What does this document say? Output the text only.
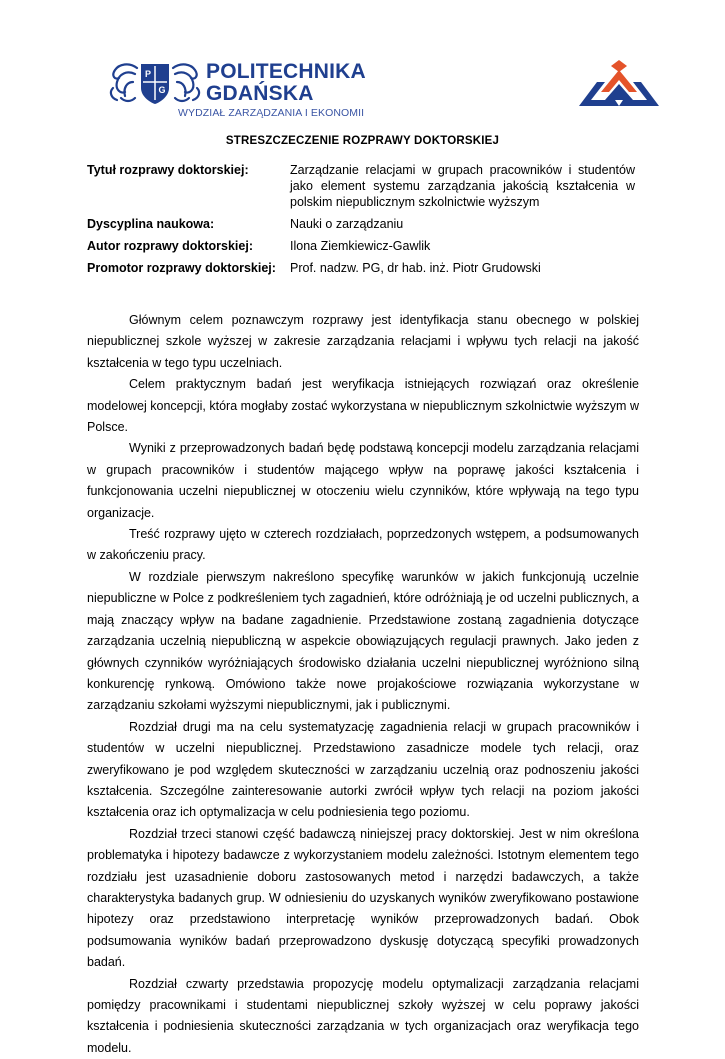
P
G
POLITECHNIKA
GDAŃSKA
WYDZIAŁ ZARZĄDZANIA I EKONOMII
STRESZCZECZENIE ROZPRAWY DOKTORSKIEJ
Tytuł rozprawy doktorskiej:	Zarządzanie relacjami w grupach pracowników i studentów jako element systemu zarządzania jakością kształcenia w polskim niepublicznym szkolnictwie wyższym
Dyscyplina naukowa:	Nauki o zarządzaniu
Autor rozprawy doktorskiej:	Ilona Ziemkiewicz-Gawlik
Promotor rozprawy doktorskiej:	Prof. nadzw. PG, dr hab. inż. Piotr Grudowski

Głównym celem poznawczym rozprawy jest identyfikacja stanu obecnego w polskiej niepublicznej szkole wyższej w zakresie zarządzania relacjami i wpływu tych relacji na jakość kształcenia w tego typu uczelniach.

Celem praktycznym badań jest weryfikacja istniejących rozwiązań oraz określenie modelowej koncepcji, która mogłaby zostać wykorzystana w niepublicznym szkolnictwie wyższym w Polsce.

Wyniki z przeprowadzonych badań będę podstawą koncepcji modelu zarządzania relacjami w grupach pracowników i studentów mającego wpływ na poprawę jakości kształcenia i funkcjonowania uczelni niepublicznej w otoczeniu wielu czynników, które wpływają na tego typu organizacje.

Treść rozprawy ujęto w czterech rozdziałach, poprzedzonych wstępem, a podsumowanych w zakończeniu pracy.

W rozdziale pierwszym nakreślono specyfikę warunków w jakich funkcjonują uczelnie niepubliczne w Polce z podkreśleniem tych zagadnień, które odróżniają je od uczelni publicznych, a mają znaczący wpływ na badane zagadnienie. Przedstawione zostaną zagadnienia dotyczące zarządzania uczelnią niepubliczną w aspekcie obowiązujących regulacji prawnych. Jako jeden z głównych czynników wyróżniających środowisko działania uczelni niepublicznej wyróżniono silną konkurencję rynkową. Omówiono także nowe projakościowe rozwiązania wykorzystane w zarządzaniu szkołami wyższymi niepublicznymi, jak i publicznymi.

Rozdział drugi ma na celu systematyzację zagadnienia relacji w grupach pracowników i studentów w uczelni niepublicznej. Przedstawiono zasadnicze modele tych relacji, oraz zweryfikowano je pod względem skuteczności w zarządzaniu uczelnią oraz podnoszeniu jakości kształcenia. Szczególne zainteresowanie autorki zwrócił wpływ tych relacji na poziom jakości kształcenia oraz ich optymalizacja w celu podniesienia tego poziomu.

Rozdział trzeci stanowi część badawczą niniejszej pracy doktorskiej. Jest w nim określona problematyka i hipotezy badawcze z wykorzystaniem modelu zależności. Istotnym elementem tego rozdziału jest uzasadnienie doboru zastosowanych metod i narzędzi badawczych, a także charakterystyka badanych grup. W odniesieniu do uzyskanych wyników zweryfikowano postawione hipotezy oraz przedstawiono interpretację wyników przeprowadzonych badań. Obok podsumowania wyników badań przeprowadzono dyskusję dotyczącą specyfiki prowadzonych badań.

Rozdział czwarty przedstawia propozycję modelu optymalizacji zarządzania relacjami pomiędzy pracownikami i studentami niepublicznej szkoły wyższej w celu poprawy jakości kształcenia i podniesienia skuteczności zarządzania w tych organizacjach oraz weryfikacja tego modelu.
